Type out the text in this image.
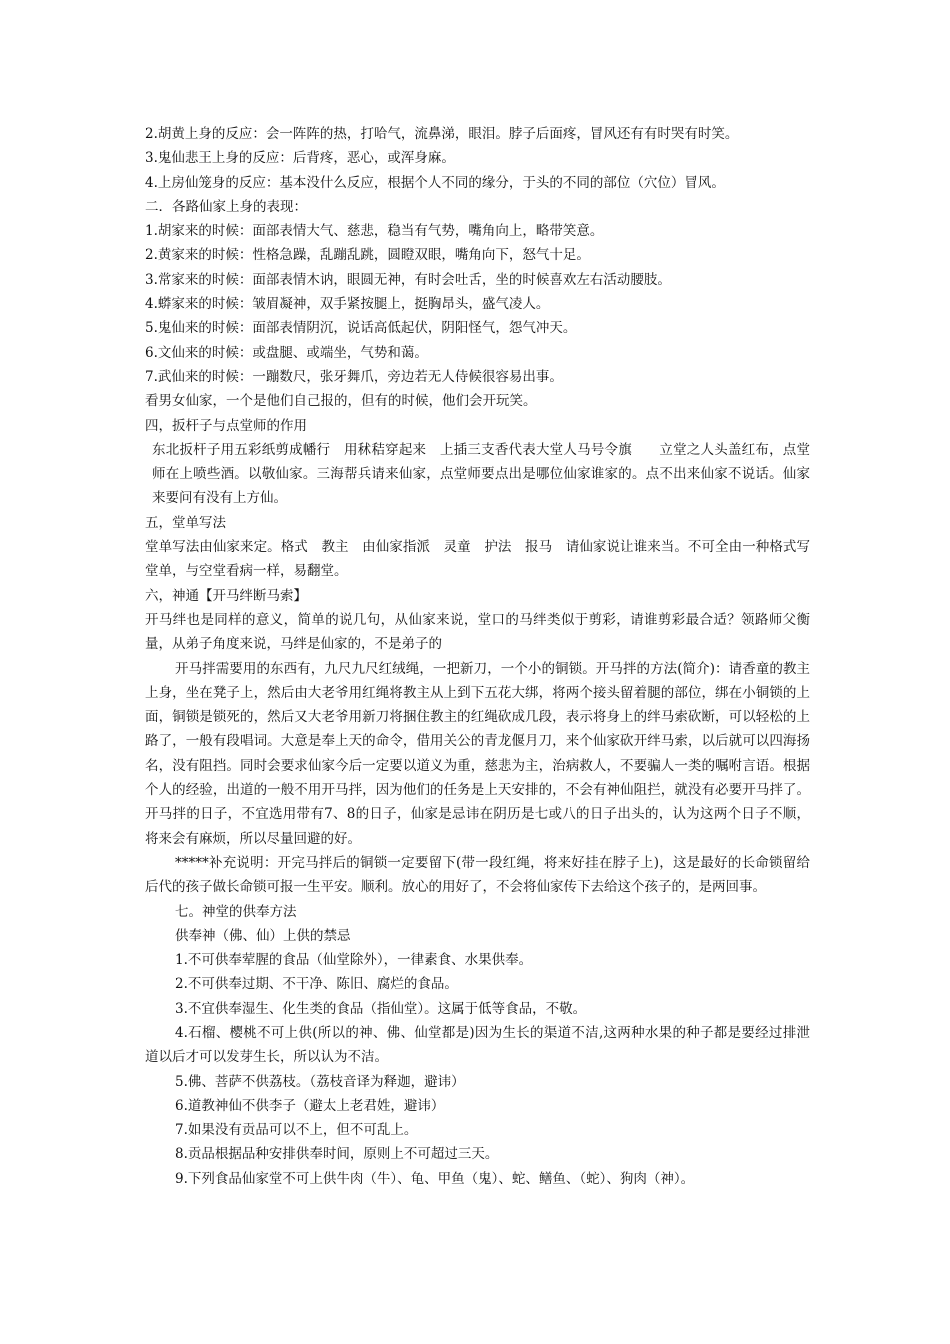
2.胡黄上身的反应：会一阵阵的热，打哈气，流鼻涕，眼泪。脖子后面疼，冒风还有有时哭有时笑。
3.鬼仙悲王上身的反应：后背疼，恶心，或浑身麻。
4.上房仙笼身的反应：基本没什么反应，根据个人不同的缘分，于头的不同的部位（穴位）冒风。
二．各路仙家上身的表现：
1.胡家来的时候：面部表情大气、慈悲，稳当有气势，嘴角向上，略带笑意。
2.黄家来的时候：性格急躁，乱蹦乱跳，圆瞪双眼，嘴角向下，怒气十足。
3.常家来的时候：面部表情木讷，眼圆无神，有时会吐舌，坐的时候喜欢左右活动腰肢。
4.蟒家来的时候：皱眉凝神，双手紧按腿上，挺胸昂头，盛气凌人。
5.鬼仙来的时候：面部表情阴沉，说话高低起伏，阴阳怪气，怨气冲天。
6.文仙来的时候：或盘腿、或端坐，气势和蔼。
7.武仙来的时候：一蹦数尺，张牙舞爪，旁边若无人侍候很容易出事。
看男女仙家，一个是他们自己报的，但有的时候，他们会开玩笑。
四，扳杆子与点堂师的作用
东北扳杆子用五彩纸剪成幡行　用秫秸穿起来　上插三支香代表大堂人马号令旗　　立堂之人头盖红布，点堂师在上喷些酒。以敬仙家。三海帮兵请来仙家，点堂师要点出是哪位仙家谁家的。点不出来仙家不说话。仙家来要问有没有上方仙。
五，堂单写法
堂单写法由仙家来定。格式　教主　由仙家指派　灵童　护法　报马　请仙家说让谁来当。不可全由一种格式写堂单，与空堂看病一样，易翻堂。
六，神通【开马绊断马索】
开马绊也是同样的意义，简单的说几句，从仙家来说，堂口的马绊类似于剪彩，请谁剪彩最合适？领路师父衡量，从弟子角度来说，马绊是仙家的，不是弟子的
开马拌需要用的东西有，九尺九尺红绒绳，一把新刀，一个小的铜锁。开马拌的方法(简介)：请香童的教主上身，坐在凳子上，然后由大老爷用红绳将教主从上到下五花大绑，将两个接头留着腿的部位，绑在小铜锁的上面，铜锁是锁死的，然后又大老爷用新刀将捆住教主的红绳砍成几段，表示将身上的绊马索砍断，可以轻松的上路了，一般有段唱词。大意是奉上天的命令，借用关公的青龙偃月刀，来个仙家砍开绊马索，以后就可以四海扬名，没有阻挡。同时会要求仙家今后一定要以道义为重，慈悲为主，治病救人，不要骗人一类的嘱咐言语。根据个人的经验，出道的一般不用开马拌，因为他们的任务是上天安排的，不会有神仙阻拦，就没有必要开马拌了。开马拌的日子，不宜选用带有7、8的日子，仙家是忌讳在阴历是七或八的日子出头的，认为这两个日子不顺，将来会有麻烦，所以尽量回避的好。
*****补充说明：开完马拌后的铜锁一定要留下(带一段红绳，将来好挂在脖子上)，这是最好的长命锁留给后代的孩子做长命锁可报一生平安。顺利。放心的用好了，不会将仙家传下去给这个孩子的，是两回事。
七。神堂的供奉方法
供奉神（佛、仙）上供的禁忌
1.不可供奉荤腥的食品（仙堂除外），一律素食、水果供奉。
2.不可供奉过期、不干净、陈旧、腐烂的食品。
3.不宜供奉湿生、化生类的食品（指仙堂）。这属于低等食品，不敬。
4.石榴、樱桃不可上供(所以的神、佛、仙堂都是)因为生长的渠道不洁,这两种水果的种子都是要经过排泄道以后才可以发芽生长，所以认为不洁。
5.佛、菩萨不供荔枝。（荔枝音译为释迦，避讳）
6.道教神仙不供李子（避太上老君姓，避讳）
7.如果没有贡品可以不上，但不可乱上。
8.贡品根据品种安排供奉时间，原则上不可超过三天。
9.下列食品仙家堂不可上供牛肉（牛）、龟、甲鱼（鬼）、蛇、鳝鱼、（蛇）、狗肉（神）。
